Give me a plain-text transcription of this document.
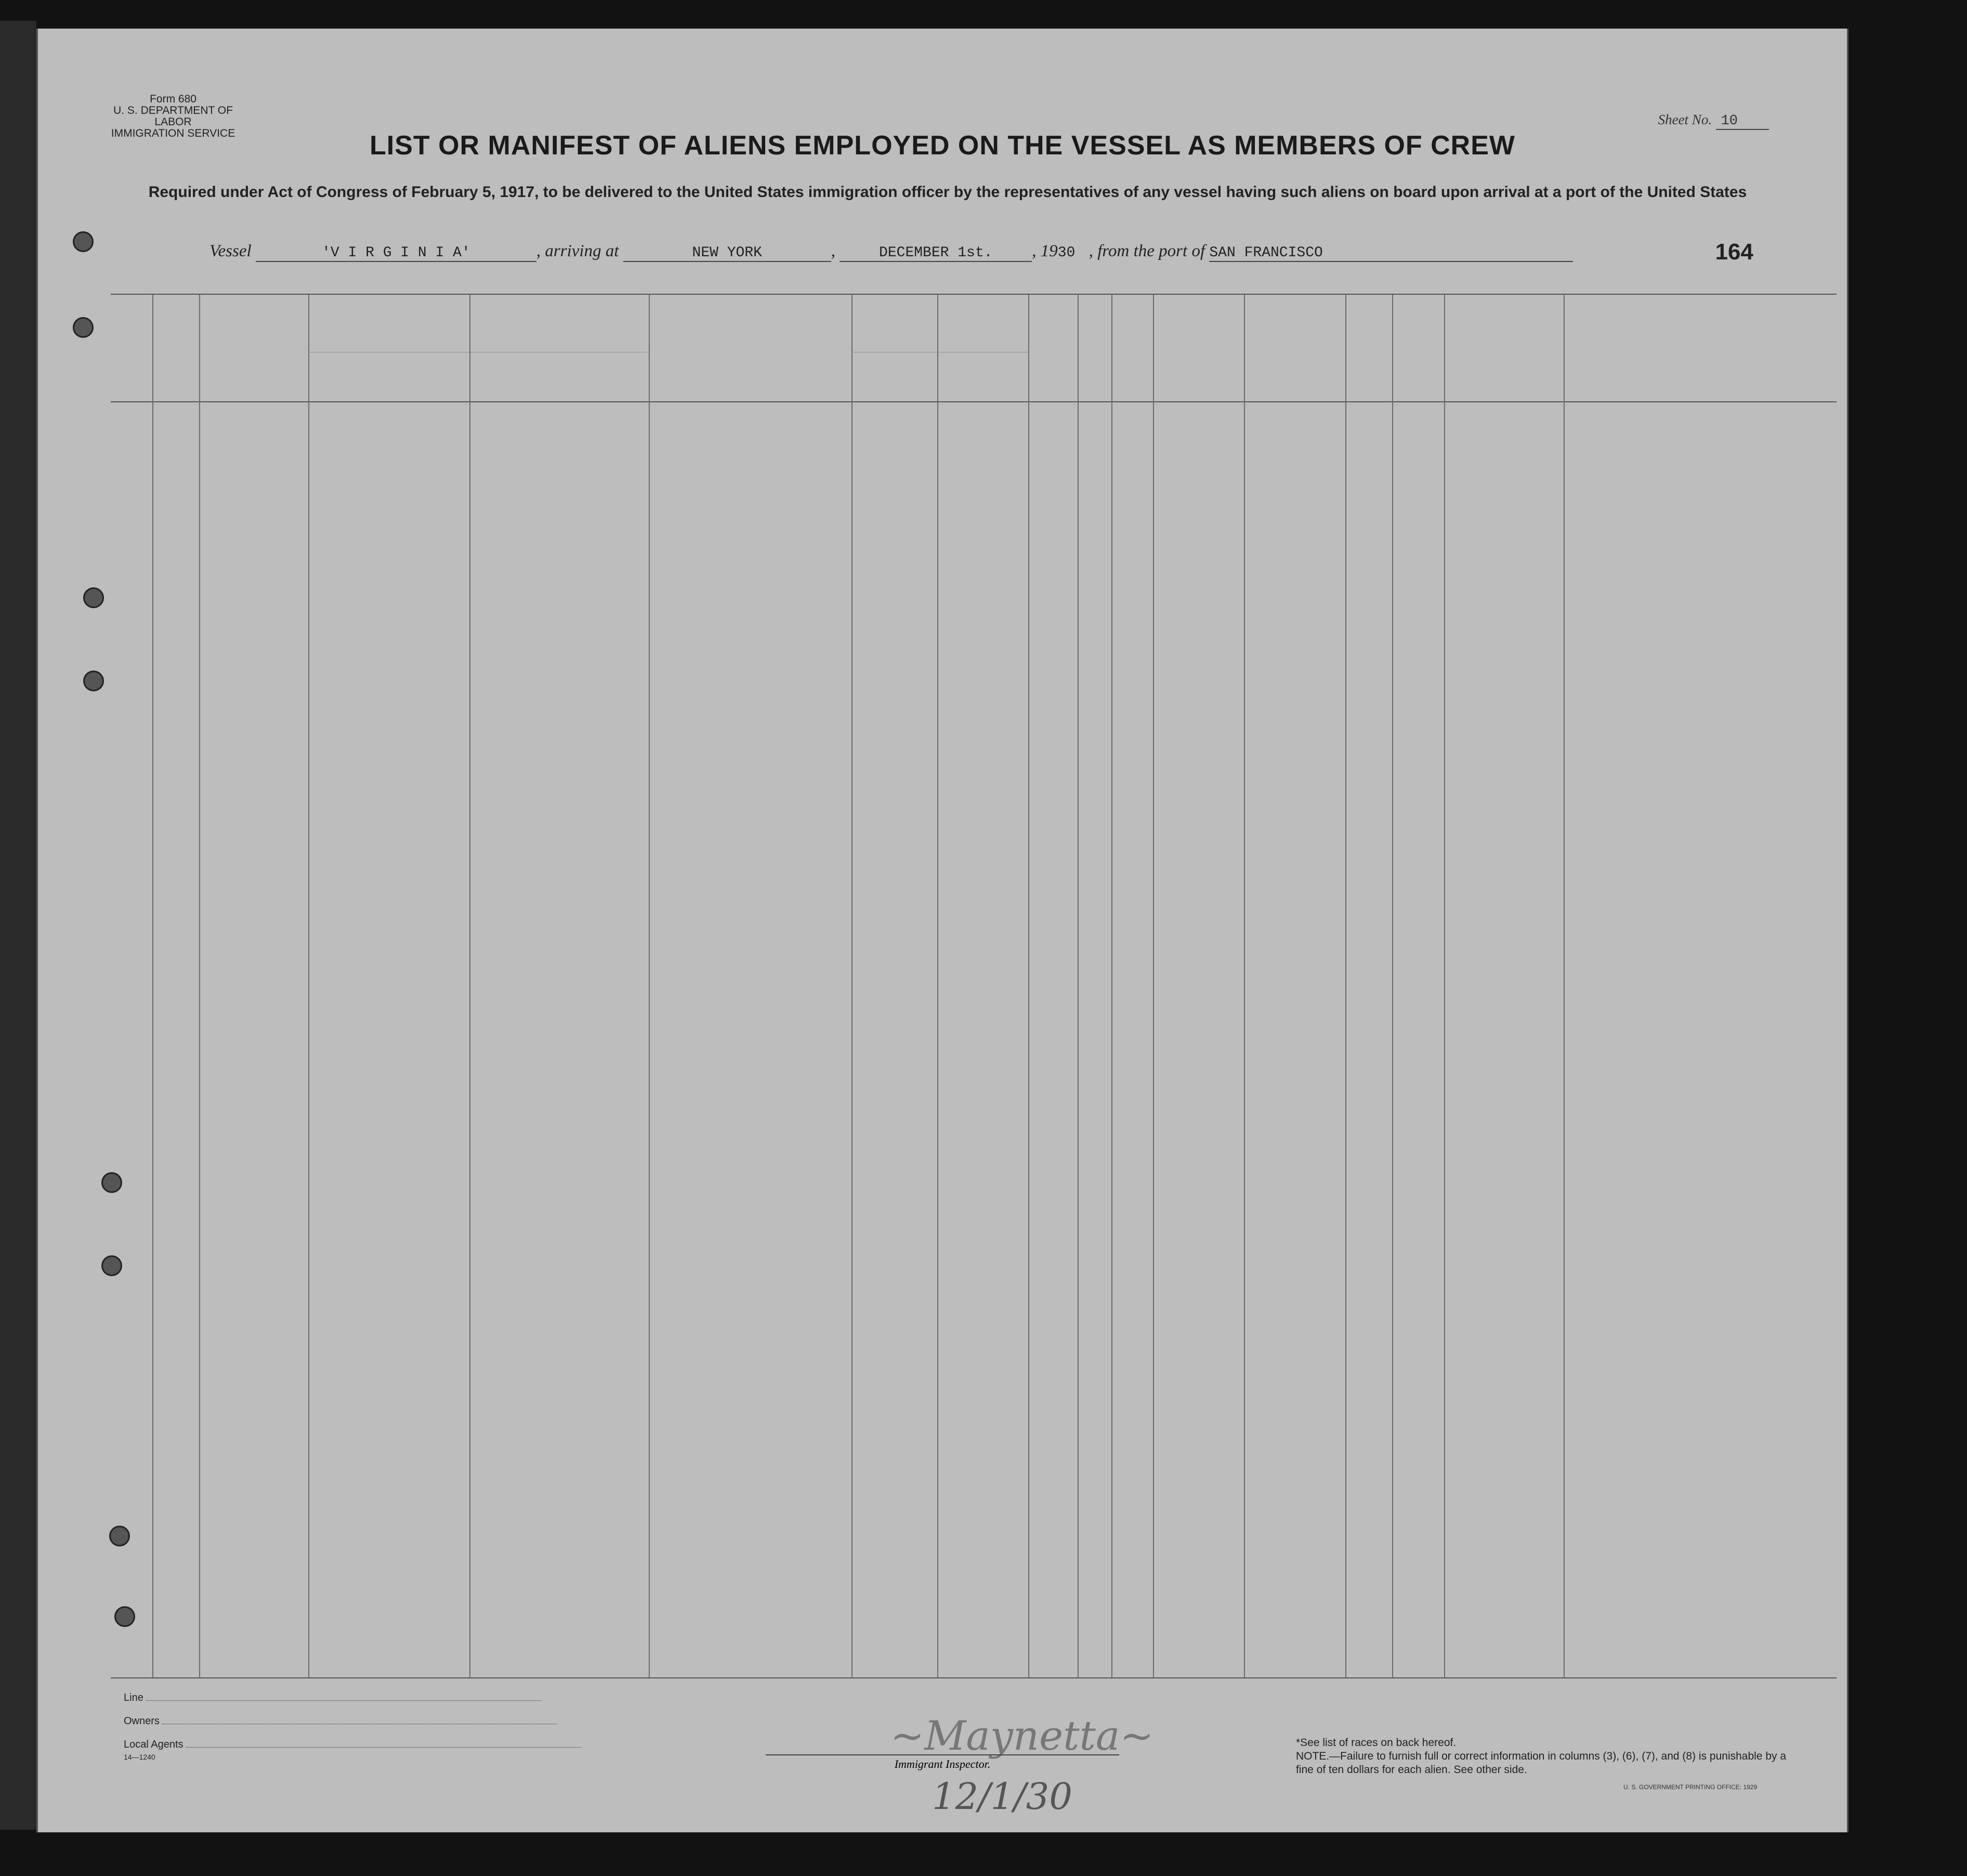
Form 680
U. S. DEPARTMENT OF LABOR
IMMIGRATION SERVICE
Sheet No. 10
LIST OR MANIFEST OF ALIENS EMPLOYED ON THE VESSEL AS MEMBERS OF CREW
Required under Act of Congress of February 5, 1917, to be delivered to the United States immigration officer by the representatives of any vessel having such aliens on board upon arrival at a port of the United States
Vessel	'V I R G I N I A'	, arriving at	NEW YORK	,	DECEMBER 1st. , 1930 , from the port of SAN FRANCISCO	164
Line
Owners
Local Agents
14—1240	~Maynetta~
Immigrant Inspector.
12/1/30
*See list of races on back hereof.
NOTE.—Failure to furnish full or correct information in columns (3), (6), (7), and (8) is punishable by a fine of ten dollars for each alien. See other side.
U. S. GOVERNMENT PRINTING OFFICE: 1929
